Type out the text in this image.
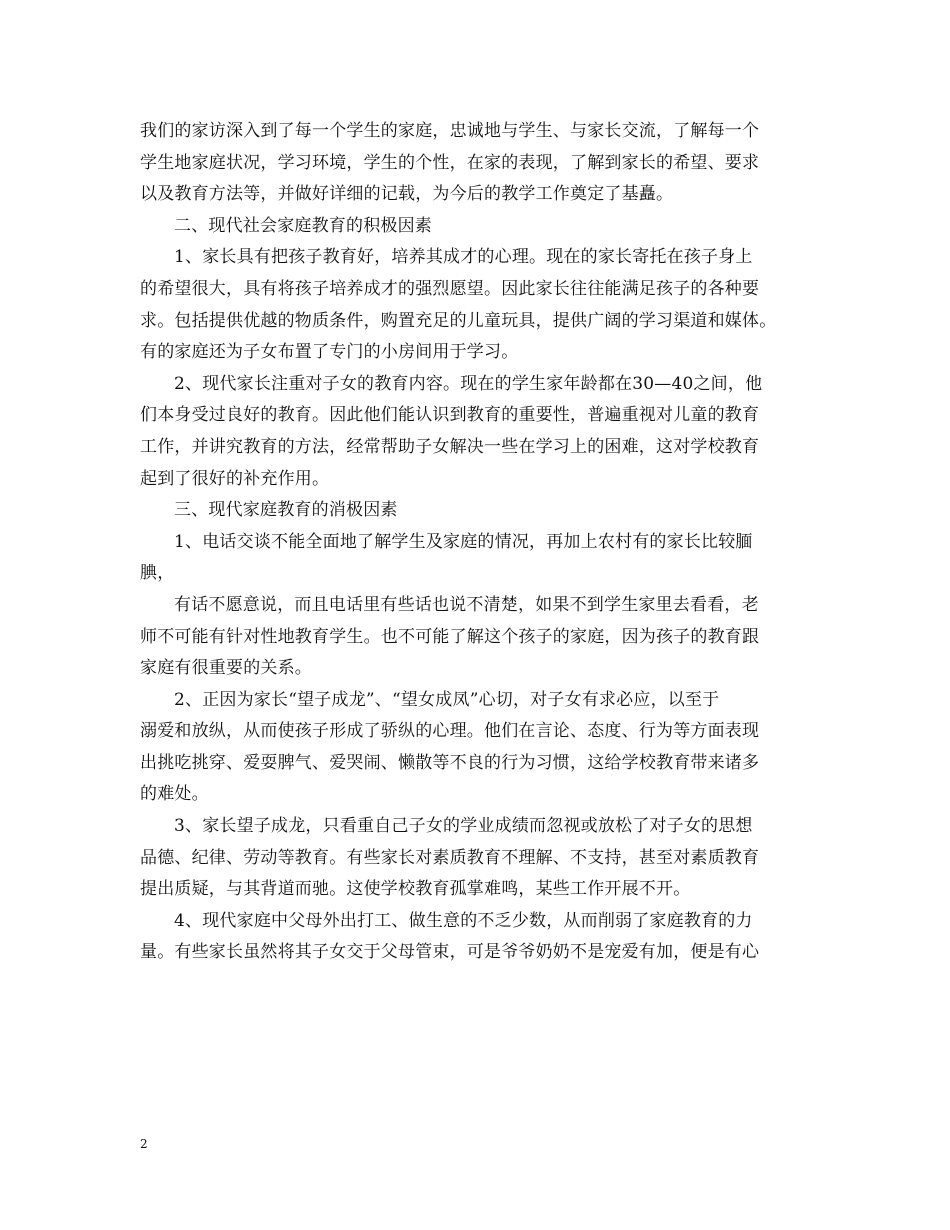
我们的家访深入到了每一个学生的家庭，忠诚地与学生、与家长交流，了解每一个
学生地家庭状况，学习环境，学生的个性，在家的表现，了解到家长的希望、要求
以及教育方法等，并做好详细的记载，为今后的教学工作奠定了基矗。
二、现代社会家庭教育的积极因素
1、家长具有把孩子教育好，培养其成才的心理。现在的家长寄托在孩子身上
的希望很大，具有将孩子培养成才的强烈愿望。因此家长往往能满足孩子的各种要
求。包括提供优越的物质条件，购置充足的儿童玩具，提供广阔的学习渠道和媒体。
有的家庭还为子女布置了专门的小房间用于学习。
2、现代家长注重对子女的教育内容。现在的学生家年龄都在30—40之间，他
们本身受过良好的教育。因此他们能认识到教育的重要性，普遍重视对儿童的教育
工作，并讲究教育的方法，经常帮助子女解决一些在学习上的困难，这对学校教育
起到了很好的补充作用。
三、现代家庭教育的消极因素
1、电话交谈不能全面地了解学生及家庭的情况，再加上农村有的家长比较腼
腆，
有话不愿意说，而且电话里有些话也说不清楚，如果不到学生家里去看看，老
师不可能有针对性地教育学生。也不可能了解这个孩子的家庭，因为孩子的教育跟
家庭有很重要的关系。
2、正因为家长“望子成龙”、“望女成凤”心切，对子女有求必应，以至于
溺爱和放纵，从而使孩子形成了骄纵的心理。他们在言论、态度、行为等方面表现
出挑吃挑穿、爱耍脾气、爱哭闹、懒散等不良的行为习惯，这给学校教育带来诸多
的难处。
3、家长望子成龙，只看重自己子女的学业成绩而忽视或放松了对子女的思想
品德、纪律、劳动等教育。有些家长对素质教育不理解、不支持，甚至对素质教育
提出质疑，与其背道而驰。这使学校教育孤掌难鸣，某些工作开展不开。
4、现代家庭中父母外出打工、做生意的不乏少数，从而削弱了家庭教育的力
量。有些家长虽然将其子女交于父母管束，可是爷爷奶奶不是宠爱有加，便是有心
2
